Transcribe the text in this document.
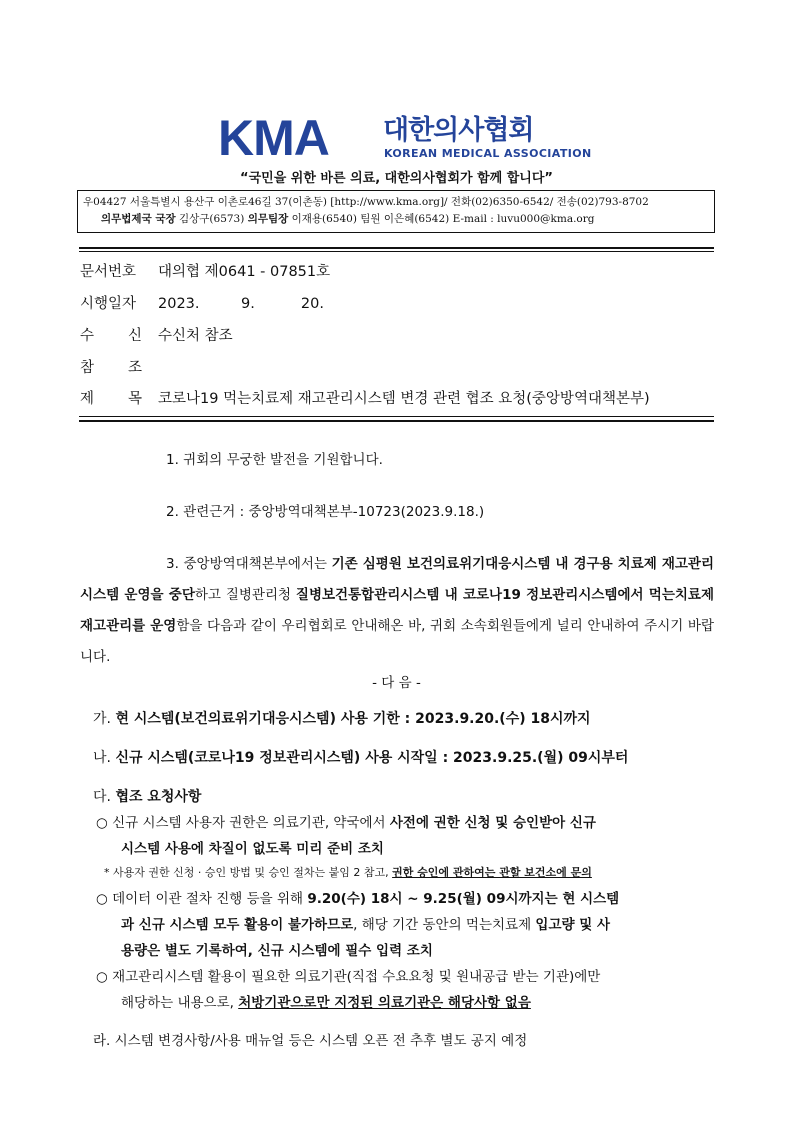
KMA 대한의사협회
KOREAN MEDICAL ASSOCIATION
“국민을 위한 바른 의료, 대한의사협회가 함께 합니다”
우04427 서울특별시 용산구 이촌로46길 37(이촌동) [http://www.kma.org]/ 전화(02)6350-6542/ 전송(02)793-8702
의무법제국 국장 김상구(6573) 의무팀장 이재용(6540) 팀원 이은혜(6542) E-mail : luvu000@kma.org
문서번호 대의협 제0641 - 07851호
시행일자 2023.         9.          20.
수 신 수신처 참조
참 조
제 목 코로나19 먹는치료제 재고관리시스템 변경 관련 협조 요청(중앙방역대책본부)
1. 귀회의 무궁한 발전을 기원합니다.
2. 관련근거 : 중앙방역대책본부-10723(2023.9.18.)
3. 중앙방역대책본부에서는 기존 심평원 보건의료위기대응시스템 내 경구용 치료제 재고관리시스템 운영을 중단하고 질병관리청 질병보건통합관리시스템 내 코로나19 정보관리시스템에서 먹는치료제 재고관리를 운영함을 다음과 같이 우리협회로 안내해온 바, 귀회 소속회원들에게 널리 안내하여 주시기 바랍니다.
- 다 음 -
가. 현 시스템(보건의료위기대응시스템) 사용 기한 : 2023.9.20.(수) 18시까지
나. 신규 시스템(코로나19 정보관리시스템) 사용 시작일 : 2023.9.25.(월) 09시부터
다. 협조 요청사항
○ 신규 시스템 사용자 권한은 의료기관, 약국에서 사전에 권한 신청 및 승인받아 신규
시스템 사용에 차질이 없도록 미리 준비 조치
* 사용자 권한 신청 · 승인 방법 및 승인 절차는 붙임 2 참고, 권한 승인에 관하여는 관할 보건소에 문의
○ 데이터 이관 절차 진행 등을 위해 9.20(수) 18시 ~ 9.25(월) 09시까지는 현 시스템
과 신규 시스템 모두 활용이 불가하므로, 해당 기간 동안의 먹는치료제 입고량 및 사
용량은 별도 기록하여, 신규 시스템에 필수 입력 조치
○ 재고관리시스템 활용이 필요한 의료기관(직접 수요요청 및 원내공급 받는 기관)에만
해당하는 내용으로, 처방기관으로만 지정된 의료기관은 해당사항 없음
라. 시스템 변경사항/사용 매뉴얼 등은 시스템 오픈 전 추후 별도 공지 예정
